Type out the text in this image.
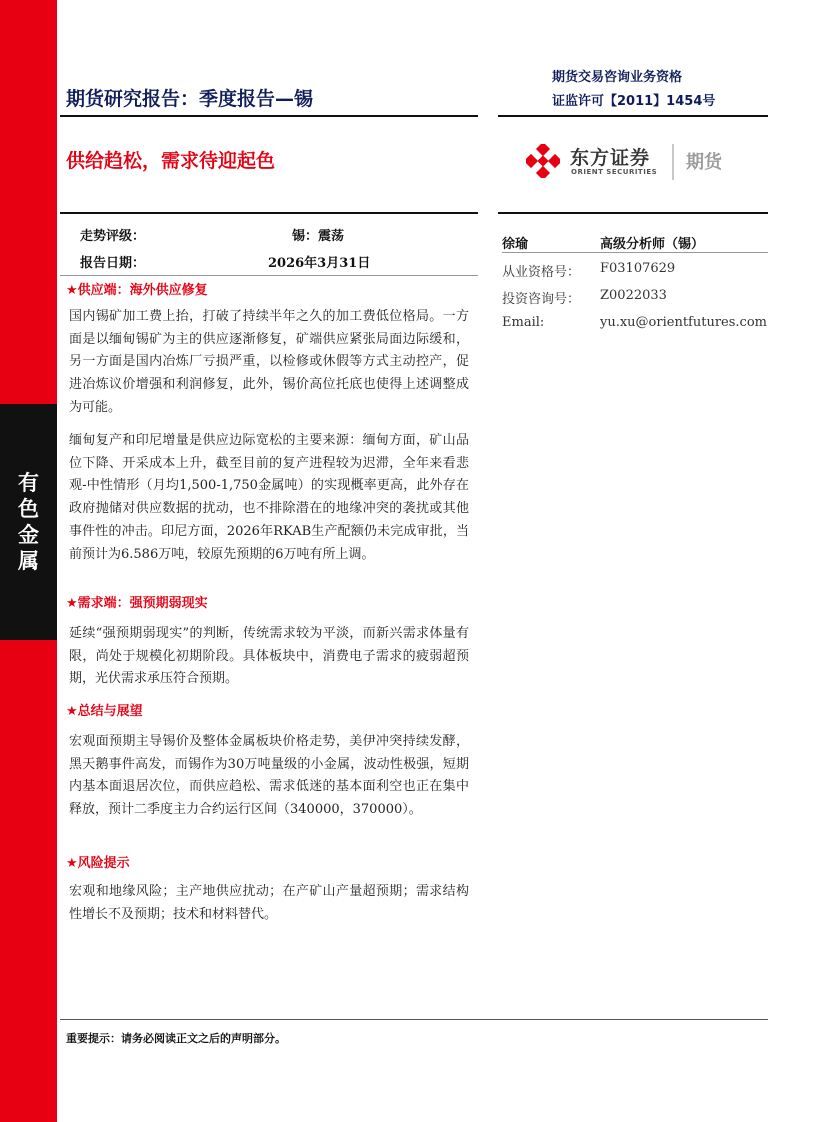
有
色
金
属
期货研究报告：季度报告—锡
期货交易咨询业务资格
证监许可【2011】1454号
供给趋松，需求待迎起色	东方证券
ORIENT SECURITIES 期货
走势评级：	锡：震荡
报告日期：	2026年3月31日
★供应端：海外供应修复
国内锡矿加工费上抬，打破了持续半年之久的加工费低位格局。一方面是以缅甸锡矿为主的供应逐渐修复，矿端供应紧张局面边际缓和，另一方面是国内冶炼厂亏损严重，以检修或休假等方式主动控产，促进冶炼议价增强和利润修复，此外，锡价高位托底也使得上述调整成为可能。
缅甸复产和印尼增量是供应边际宽松的主要来源：缅甸方面，矿山品位下降、开采成本上升，截至目前的复产进程较为迟滞，全年来看悲观-中性情形（月均1,500-1,750金属吨）的实现概率更高，此外存在政府抛储对供应数据的扰动，也不排除潜在的地缘冲突的袭扰或其他事件性的冲击。印尼方面，2026年RKAB生产配额仍未完成审批，当前预计为6.586万吨，较原先预期的6万吨有所上调。
★需求端：强预期弱现实
延续“强预期弱现实”的判断，传统需求较为平淡，而新兴需求体量有限，尚处于规模化初期阶段。具体板块中，消费电子需求的疲弱超预期，光伏需求承压符合预期。
★总结与展望
宏观面预期主导锡价及整体金属板块价格走势，美伊冲突持续发酵，黑天鹅事件高发，而锡作为30万吨量级的小金属，波动性极强，短期内基本面退居次位，而供应趋松、需求低迷的基本面利空也正在集中释放，预计二季度主力合约运行区间（340000，370000）。
★风险提示
宏观和地缘风险；主产地供应扰动；在产矿山产量超预期；需求结构性增长不及预期；技术和材料替代。
徐瑜	高级分析师（锡）
从业资格号： F03107629
投资咨询号： Z0022033
Email:	yu.xu@orientfutures.com
重要提示：请务必阅读正文之后的声明部分。
